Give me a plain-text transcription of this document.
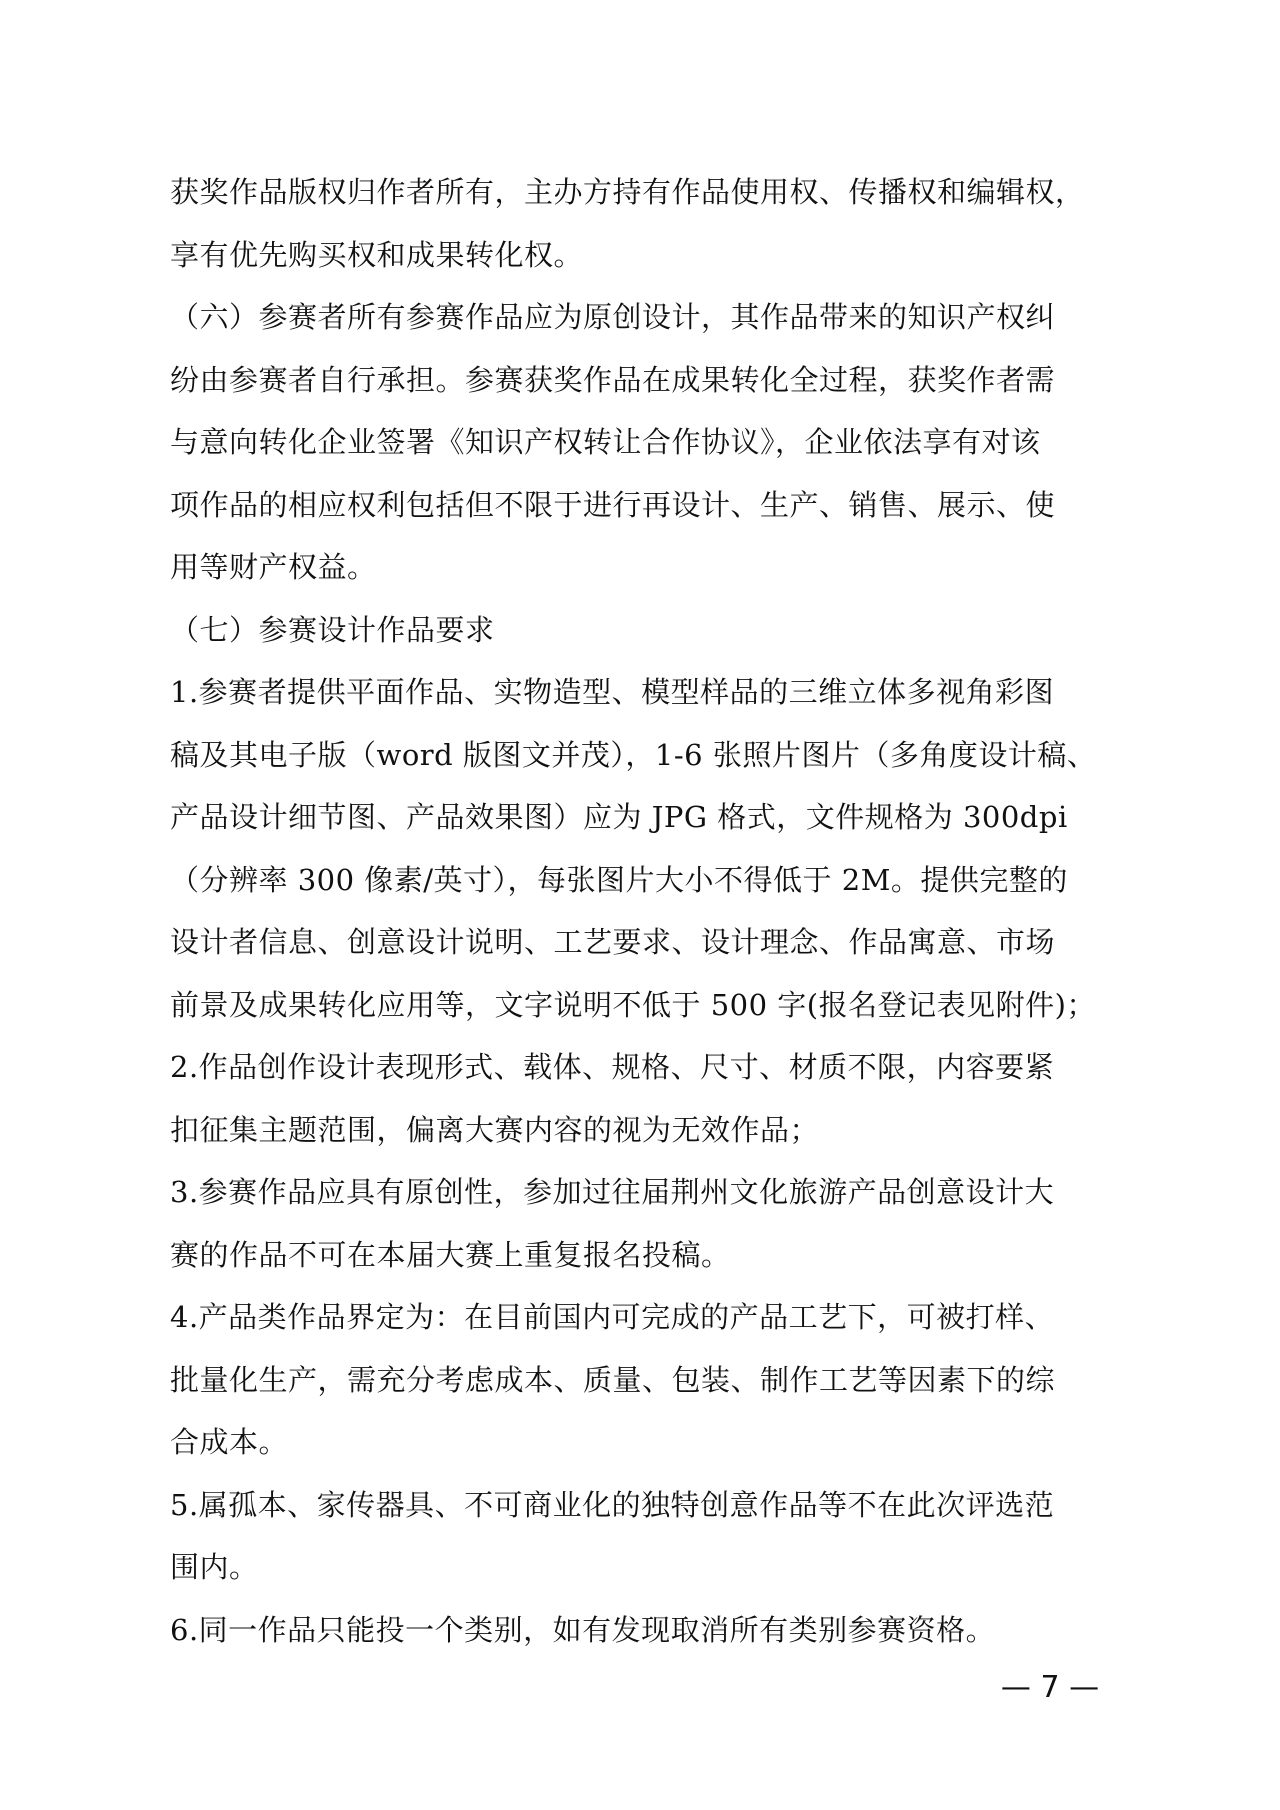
获奖作品版权归作者所有，主办方持有作品使用权、传播权和编辑权，
享有优先购买权和成果转化权。
（六）参赛者所有参赛作品应为原创设计，其作品带来的知识产权纠
纷由参赛者自行承担。参赛获奖作品在成果转化全过程，获奖作者需
与意向转化企业签署《知识产权转让合作协议》，企业依法享有对该
项作品的相应权利包括但不限于进行再设计、生产、销售、展示、使
用等财产权益。
（七）参赛设计作品要求
1.参赛者提供平面作品、实物造型、模型样品的三维立体多视角彩图
稿及其电子版（word 版图文并茂），1-6 张照片图片（多角度设计稿、
产品设计细节图、产品效果图）应为 JPG 格式，文件规格为 300dpi
（分辨率 300 像素/英寸），每张图片大小不得低于 2M。提供完整的
设计者信息、创意设计说明、工艺要求、设计理念、作品寓意、市场
前景及成果转化应用等，文字说明不低于 500 字(报名登记表见附件)；
2.作品创作设计表现形式、载体、规格、尺寸、材质不限，内容要紧
扣征集主题范围，偏离大赛内容的视为无效作品；
3.参赛作品应具有原创性，参加过往届荆州文化旅游产品创意设计大
赛的作品不可在本届大赛上重复报名投稿。
4.产品类作品界定为：在目前国内可完成的产品工艺下，可被打样、
批量化生产，需充分考虑成本、质量、包装、制作工艺等因素下的综
合成本。
5.属孤本、家传器具、不可商业化的独特创意作品等不在此次评选范
围内。
6.同一作品只能投一个类别，如有发现取消所有类别参赛资格。
— 7 —
